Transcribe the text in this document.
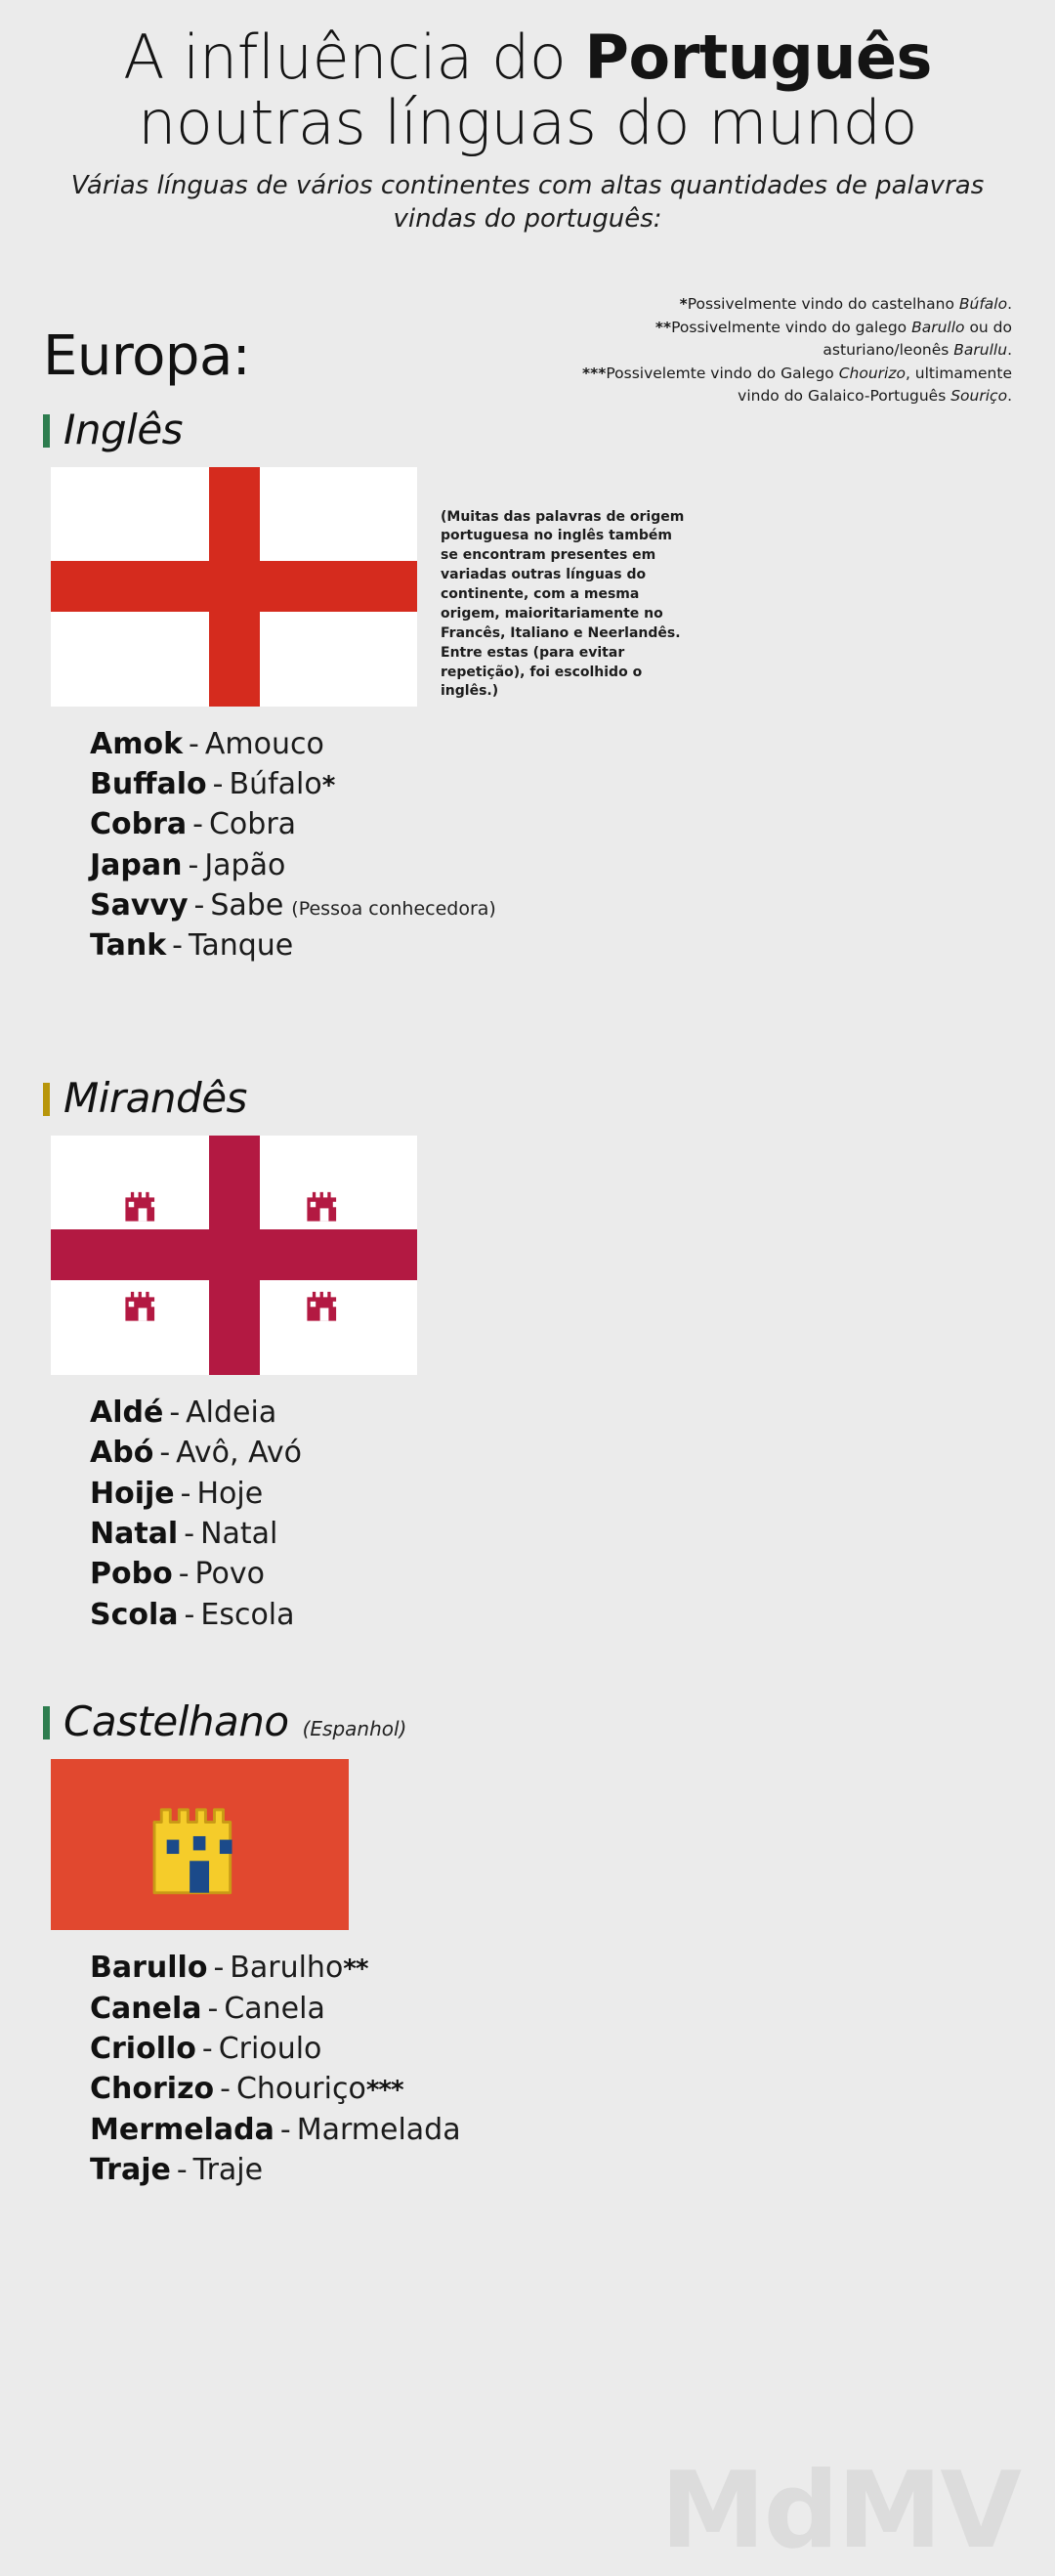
A influência do Português
noutras línguas do mundo
Várias línguas de vários continentes com altas quantidades de palavras vindas do português:
*Possivelmente vindo do castelhano Búfalo.
**Possivelmente vindo do galego Barullo ou do asturiano/leonês Barullu.
***Possivelemte vindo do Galego Chourizo, ultimamente vindo do Galaico-Português Souriço.
Europa:
Inglês
(Muitas das palavras de origem portuguesa no inglês também se encontram presentes em variadas outras línguas do continente, com a mesma origem, maioritariamente no Francês, Italiano e Neerlandês. Entre estas (para evitar repetição), foi escolhido o inglês.)
Amok - Amouco
Buffalo - Búfalo*
Cobra - Cobra
Japan - Japão
Savvy - Sabe (Pessoa conhecedora)
Tank - Tanque
Mirandês
Aldé - Aldeia
Abó - Avô, Avó
Hoije - Hoje
Natal - Natal
Pobo - Povo
Scola - Escola
Castelhano (Espanhol)
Barullo - Barulho**
Canela - Canela
Criollo - Crioulo
Chorizo - Chouriço***
Mermelada - Marmelada
Traje - Traje
MdMV
